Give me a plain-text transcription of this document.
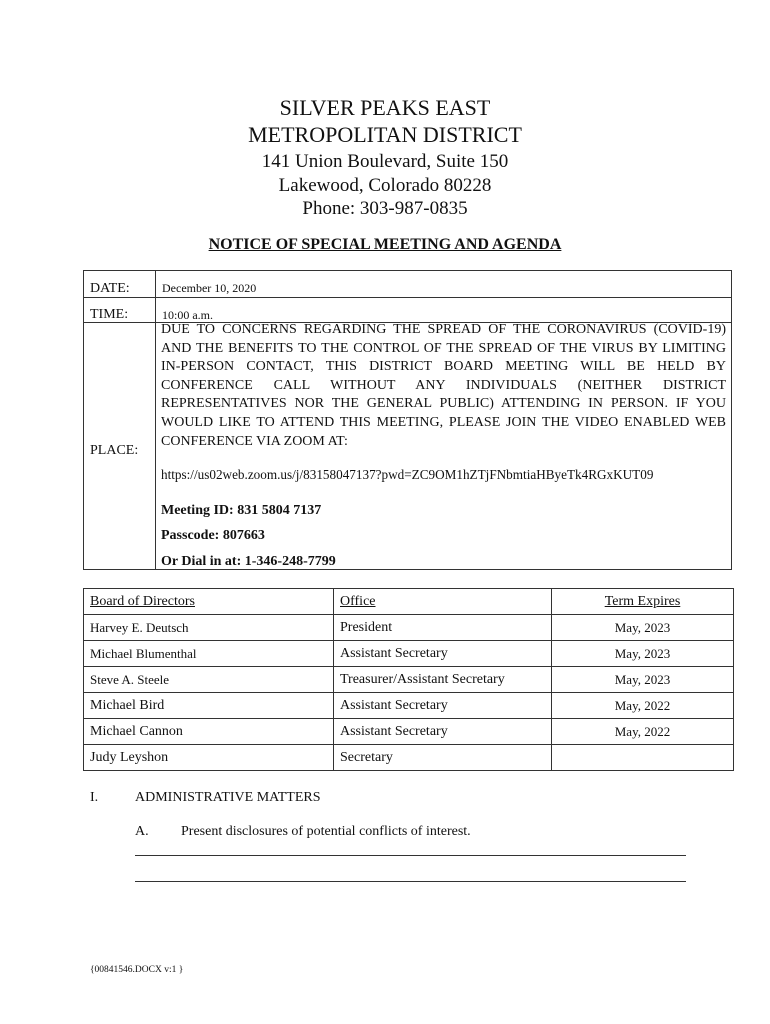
SILVER PEAKS EAST
METROPOLITAN DISTRICT
141 Union Boulevard, Suite 150
Lakewood, Colorado 80228
Phone: 303-987-0835
NOTICE OF SPECIAL MEETING AND AGENDA
DATE:	December 10, 2020
TIME:	10:00 a.m.
PLACE:
DUE TO CONCERNS REGARDING THE SPREAD OF THE CORONAVIRUS (COVID-19) AND THE BENEFITS TO THE CONTROL OF THE SPREAD OF THE VIRUS BY LIMITING IN-PERSON CONTACT, THIS DISTRICT BOARD MEETING WILL BE HELD BY CONFERENCE CALL WITHOUT ANY INDIVIDUALS (NEITHER DISTRICT REPRESENTATIVES NOR THE GENERAL PUBLIC) ATTENDING IN PERSON. IF YOU WOULD LIKE TO ATTEND THIS MEETING, PLEASE JOIN THE VIDEO ENABLED WEB CONFERENCE VIA ZOOM AT:
https://us02web.zoom.us/j/83158047137?pwd=ZC9OM1hZTjFNbmtiaHByeTk4RGxKUT09
Meeting ID: 831 5804 7137
Passcode: 807663
Or Dial in at: 1-346-248-7799
Board of Directors	Office	Term Expires
Harvey E. Deutsch	President	May, 2023
Michael Blumenthal	Assistant Secretary	May, 2023
Steve A. Steele	Treasurer/Assistant Secretary	May, 2023
Michael Bird	Assistant Secretary	May, 2022
Michael Cannon	Assistant Secretary	May, 2022
Judy Leyshon	Secretary	
I.	ADMINISTRATIVE MATTERS
A. Present disclosures of potential conflicts of interest.
{00841546.DOCX v:1 }
